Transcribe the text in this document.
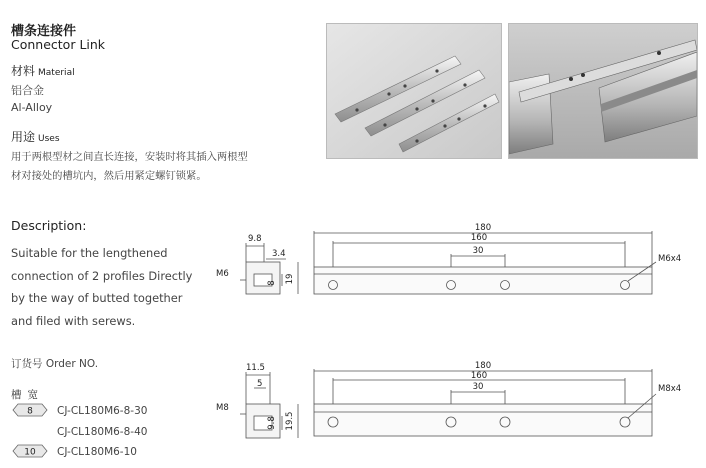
槽条连接件
Connector Link
材料 Material
铝合金
Al-Alloy
用途 Uses
用于两根型材之间直长连接，安装时将其插入两根型材对接处的槽坑内，然后用紧定螺钉锁紧。
Description:
Suitable for the lengthened connection of 2 profiles Directly by the way of butted together and filed with serews.
订货号 Order NO.
槽宽
8
10
CJ-CL180M6-8-30
CJ-CL180M6-8-40
CJ-CL180M6-10
9.8
3.4
M6
8 19
180
160
30
M6x4
11.5
5
M8
9.8 19.5
180
160
30	M8x4
